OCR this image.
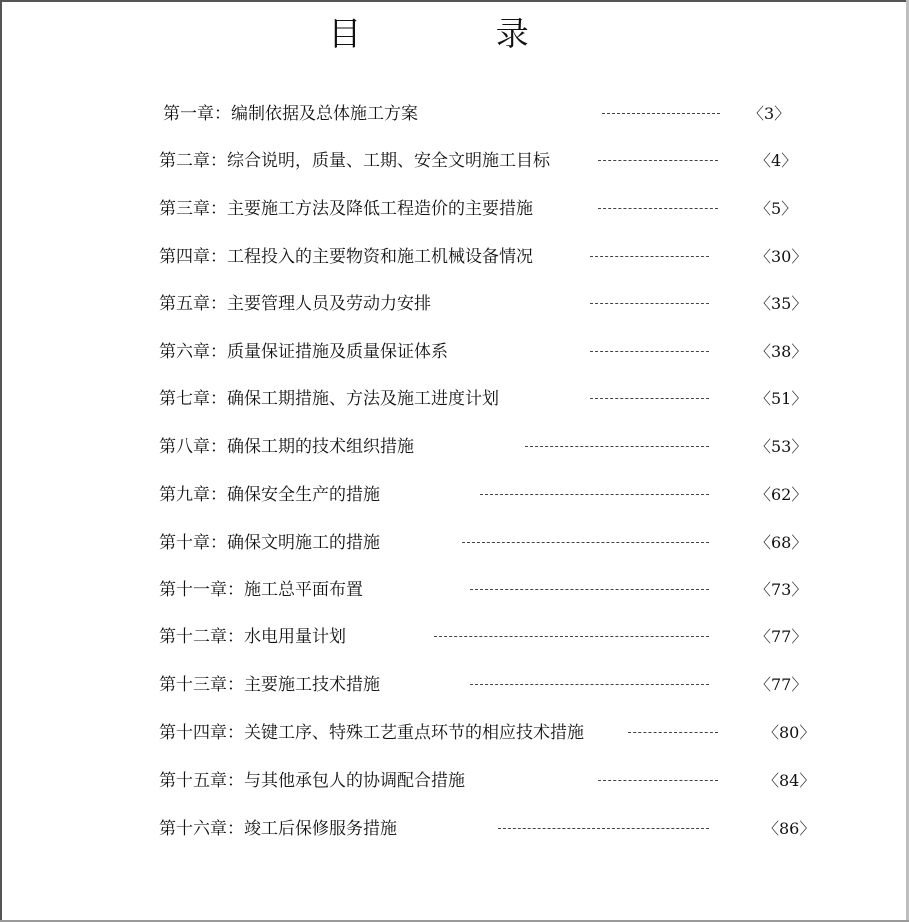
目 录
第一章：编制依据及总体施工方案	〈3〉
第二章：综合说明，质量、工期、安全文明施工目标	〈4〉
第三章：主要施工方法及降低工程造价的主要措施	〈5〉
第四章：工程投入的主要物资和施工机械设备情况	〈30〉
第五章：主要管理人员及劳动力安排	〈35〉
第六章：质量保证措施及质量保证体系	〈38〉
第七章：确保工期措施、方法及施工进度计划	〈51〉
第八章：确保工期的技术组织措施	〈53〉
第九章：确保安全生产的措施	〈62〉
第十章：确保文明施工的措施	〈68〉
第十一章：施工总平面布置	〈73〉
第十二章：水电用量计划	〈77〉
第十三章：主要施工技术措施	〈77〉
第十四章：关键工序、特殊工艺重点环节的相应技术措施	〈80〉
第十五章：与其他承包人的协调配合措施	〈84〉
第十六章：竣工后保修服务措施	〈86〉
